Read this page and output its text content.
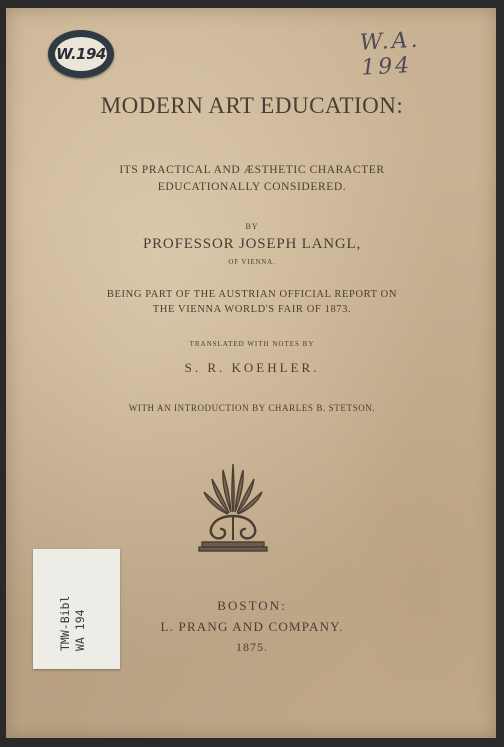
W.194	W.A. 194
MODERN ART EDUCATION:
ITS PRACTICAL AND ÆSTHETIC CHARACTER
EDUCATIONALLY CONSIDERED.
BY
PROFESSOR JOSEPH LANGL,
OF VIENNA.
BEING PART OF THE AUSTRIAN OFFICIAL REPORT ON
THE VIENNA WORLD'S FAIR OF 1873.
TRANSLATED WITH NOTES BY
S. R. KOEHLER.
WITH AN INTRODUCTION BY CHARLES B. STETSON.
TMW-Bibl WA 194
BOSTON:
L. PRANG AND COMPANY.
1875.
